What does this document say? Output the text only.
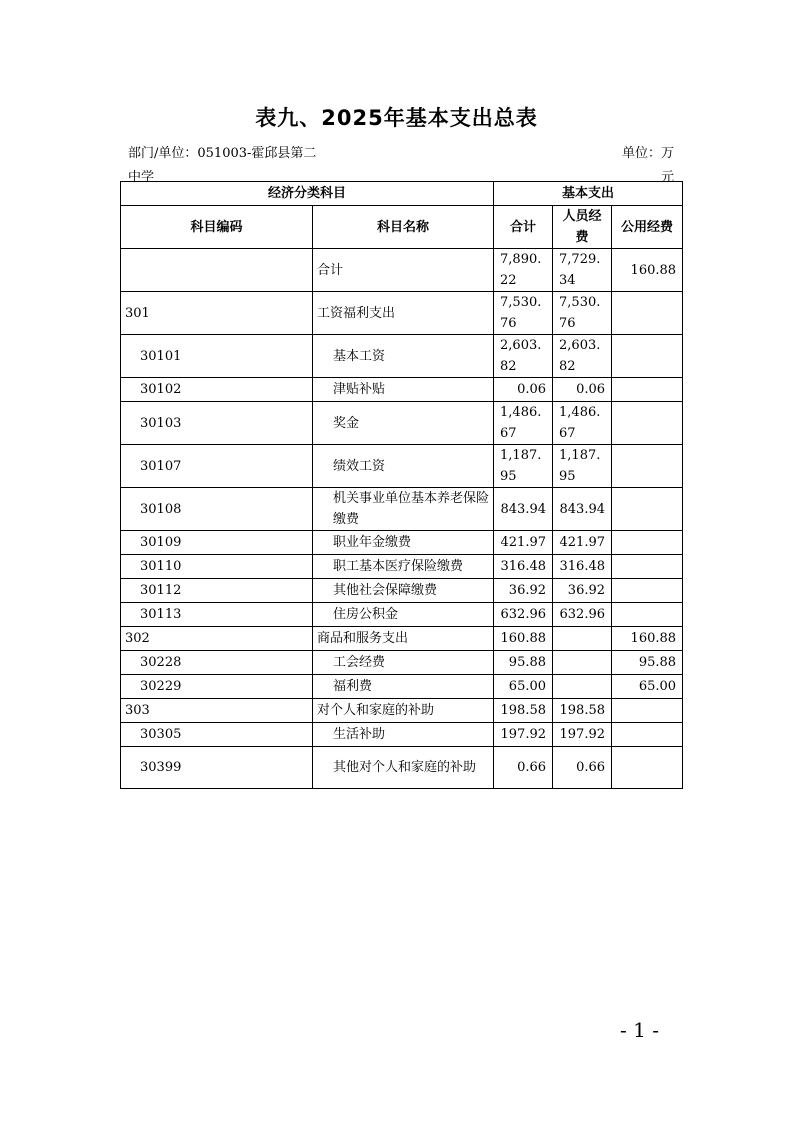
表九、2025年基本支出总表
部门/单位：051003-霍邱县第二中学
单位：万元
经济分类科目		基本支出		
科目编码	科目名称	合计	人员经费	公用经费
	合计	7,890.22	7,729.34	160.88
301	工资福利支出	7,530.76	7,530.76	
30101	基本工资	2,603.82	2,603.82	
30102	津贴补贴	0.06	0.06	
30103	奖金	1,486.67	1,486.67	
30107	绩效工资	1,187.95	1,187.95	
30108	机关事业单位基本养老保险缴费	843.94	843.94	
30109	职业年金缴费	421.97	421.97	
30110	职工基本医疗保险缴费	316.48	316.48	
30112	其他社会保障缴费	36.92	36.92	
30113	住房公积金	632.96	632.96	
302	商品和服务支出	160.88		160.88
30228	工会经费	95.88		95.88
30229	福利费	65.00		65.00
303	对个人和家庭的补助	198.58	198.58	
30305	生活补助	197.92	197.92	
30399	其他对个人和家庭的补助	0.66	0.66	
- 1 -
